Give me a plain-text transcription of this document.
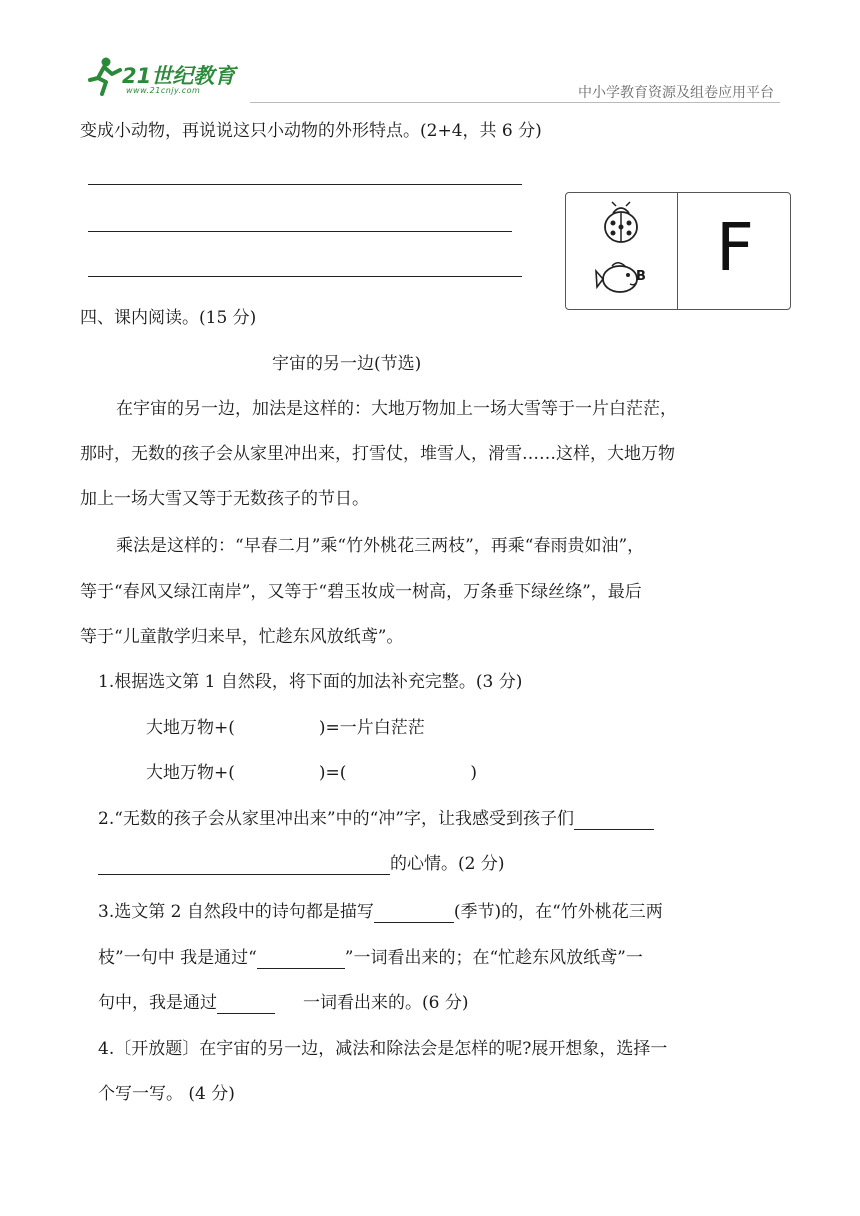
21世纪教育
www.21cnjy.com	中小学教育资源及组卷应用平台
变成小动物，再说说这只小动物的外形特点。(2+4，共 6 分)
B F
四、课内阅读。(15 分)
宇宙的另一边(节选)
在宇宙的另一边，加法是这样的：大地万物加上一场大雪等于一片白茫茫，
那时，无数的孩子会从家里冲出来，打雪仗，堆雪人，滑雪……这样，大地万物
加上一场大雪又等于无数孩子的节日。
乘法是这样的：“早春二月”乘“竹外桃花三两枝”，再乘“春雨贵如油”，
等于“春风又绿江南岸”，又等于“碧玉妆成一树高，万条垂下绿丝绦”，最后
等于“儿童散学归来早，忙趁东风放纸鸢”。
1.根据选文第 1 自然段，将下面的加法补充完整。(3 分)
大地万物+(	)=一片白茫茫
大地万物+(	)=(	)
2.“无数的孩子会从家里冲出来”中的“冲”字，让我感受到孩子们
的心情。(2 分)
3.选文第 2 自然段中的诗句都是描写	(季节)的，在“竹外桃花三两
枝”一句中 我是通过“	”一词看出来的；在“忙趁东风放纸鸢”一
句中，我是通过	一词看出来的。(6 分)
4.〔开放题〕在宇宙的另一边，减法和除法会是怎样的呢?展开想象，选择一
个写一写。 (4 分)
